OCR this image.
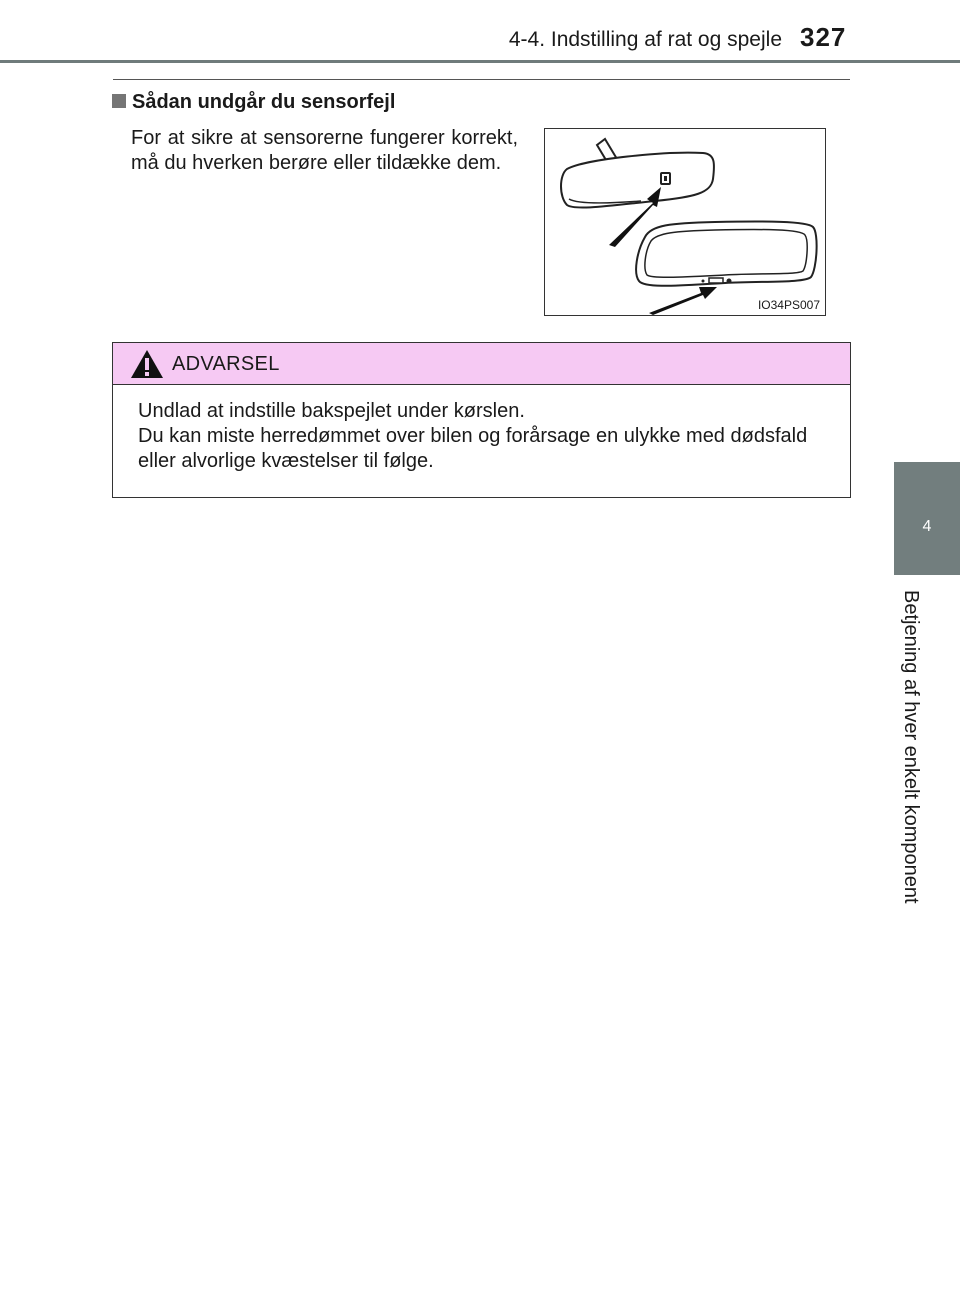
4-4. Indstilling af rat og spejle 327
4
Betjening af hver enkelt komponent
Sådan undgår du sensorfejl
For at sikre at sensorerne fungerer korrekt, må du hverken berøre eller tildække dem.
IO34PS007
ADVARSEL
Undlad at indstille bakspejlet under kørslen.
Du kan miste herredømmet over bilen og forårsage en ulykke med dødsfald
eller alvorlige kvæstelser til følge.
